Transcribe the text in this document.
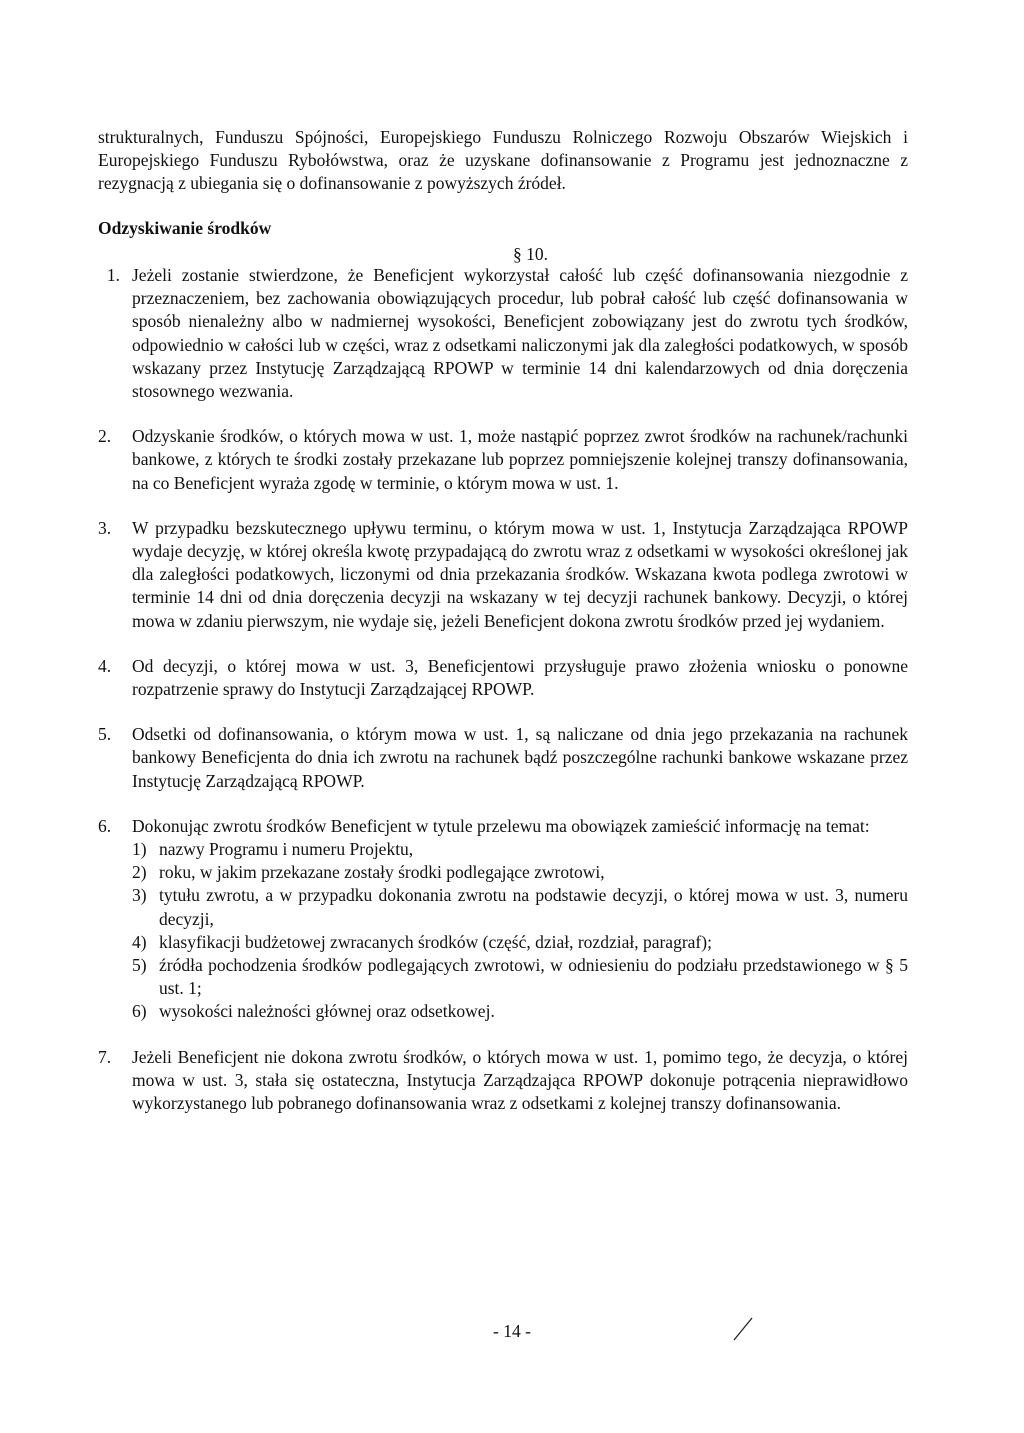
strukturalnych, Funduszu Spójności, Europejskiego Funduszu Rolniczego Rozwoju Obszarów Wiejskich i Europejskiego Funduszu Rybołówstwa, oraz że uzyskane dofinansowanie z Programu jest jednoznaczne z rezygnacją z ubiegania się o dofinansowanie z powyższych źródeł.

Odzyskiwanie środków

§ 10.

1. Jeżeli zostanie stwierdzone, że Beneficjent wykorzystał całość lub część dofinansowania niezgodnie z przeznaczeniem, bez zachowania obowiązujących procedur, lub pobrał całość lub część dofinansowania w sposób nienależny albo w nadmiernej wysokości, Beneficjent zobowiązany jest do zwrotu tych środków, odpowiednio w całości lub w części, wraz z odsetkami naliczonymi jak dla zaległości podatkowych, w sposób wskazany przez Instytucję Zarządzającą RPOWP w terminie 14 dni kalendarzowych od dnia doręczenia stosownego wezwania.
2.	Odzyskanie środków, o których mowa w ust. 1, może nastąpić poprzez zwrot środków na rachunek/rachunki bankowe, z których te środki zostały przekazane lub poprzez pomniejszenie kolejnej transzy dofinansowania, na co Beneficjent wyraża zgodę w terminie, o którym mowa w ust. 1.
3.	W przypadku bezskutecznego upływu terminu, o którym mowa w ust. 1, Instytucja Zarządzająca RPOWP wydaje decyzję, w której określa kwotę przypadającą do zwrotu wraz z odsetkami w wysokości określonej jak dla zaległości podatkowych, liczonymi od dnia przekazania środków. Wskazana kwota podlega zwrotowi w terminie 14 dni od dnia doręczenia decyzji na wskazany w tej decyzji rachunek bankowy. Decyzji, o której mowa w zdaniu pierwszym, nie wydaje się, jeżeli Beneficjent dokona zwrotu środków przed jej wydaniem.
4.	Od decyzji, o której mowa w ust. 3, Beneficjentowi przysługuje prawo złożenia wniosku o ponowne rozpatrzenie sprawy do Instytucji Zarządzającej RPOWP.
5.	Odsetki od dofinansowania, o którym mowa w ust. 1, są naliczane od dnia jego przekazania na rachunek bankowy Beneficjenta do dnia ich zwrotu na rachunek bądź poszczególne rachunki bankowe wskazane przez Instytucję Zarządzającą RPOWP.
6.	Dokonując zwrotu środków Beneficjent w tytule przelewu ma obowiązek zamieścić informację na temat:

1) nazwy Programu i numeru Projektu,
2) roku, w jakim przekazane zostały środki podlegające zwrotowi,
3) tytułu zwrotu, a w przypadku dokonania zwrotu na podstawie decyzji, o której mowa w ust. 3, numeru decyzji,
4) klasyfikacji budżetowej zwracanych środków (część, dział, rozdział, paragraf);
5) źródła pochodzenia środków podlegających zwrotowi, w odniesieniu do podziału przedstawionego w § 5 ust. 1;
6) wysokości należności głównej oraz odsetkowej.
7.	Jeżeli Beneficjent nie dokona zwrotu środków, o których mowa w ust. 1, pomimo tego, że decyzja, o której mowa w ust. 3, stała się ostateczna, Instytucja Zarządzająca RPOWP dokonuje potrącenia nieprawidłowo wykorzystanego lub pobranego dofinansowania wraz z odsetkami z kolejnej transzy dofinansowania.
- 14 -
